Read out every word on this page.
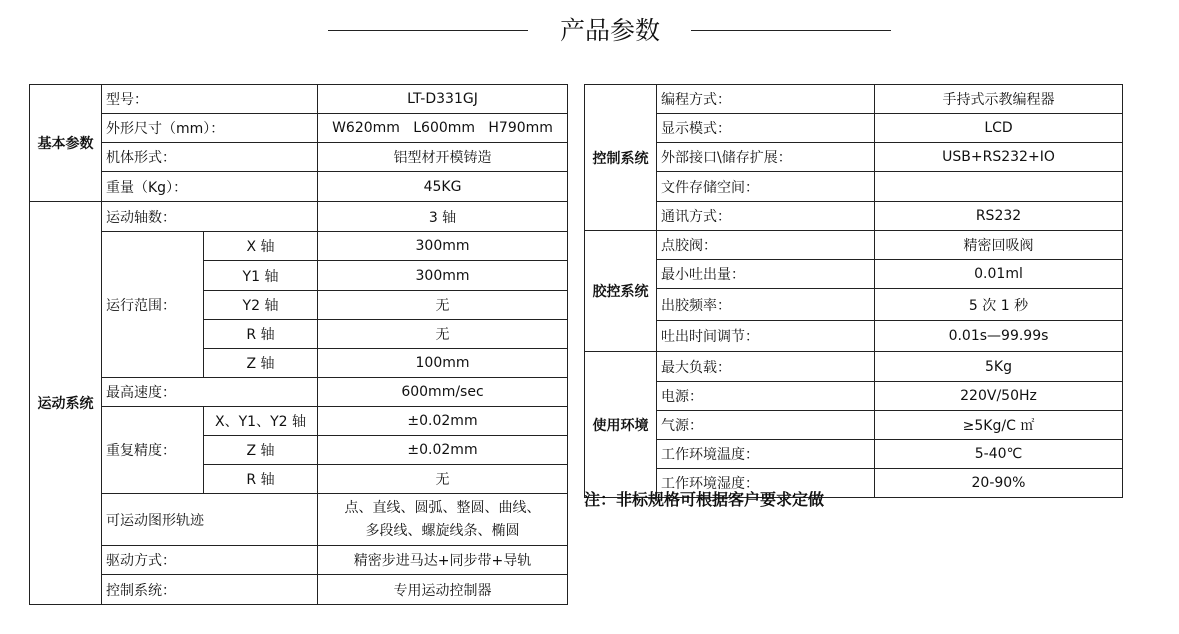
产品参数
基本参数	型号：		LT-D331GJ
	外形尺寸（mm）：		W620mm   L600mm   H790mm
	机体形式：		铝型材开模铸造
	重量（Kg）：		45KG
运动系统	运动轴数：		3 轴
	运行范围：	X 轴	300mm
		Y1 轴	300mm
		Y2 轴	无
		R 轴	无
		Z 轴	100mm
	最高速度：		600mm/sec
	重复精度：	X、Y1、Y2 轴	±0.02mm
		Z 轴	±0.02mm
		R 轴	无
	可运动图形轨迹		点、直线、圆弧、整圆、曲线、
多段线、螺旋线条、椭圆

	驱动方式：		精密步进马达+同步带+导轨
	控制系统：		专用运动控制器
控制系统	编程方式：	手持式示教编程器
	显示模式：	LCD
	外部接口\储存扩展：	USB+RS232+IO
	文件存储空间：	
	通讯方式：	RS232
胶控系统	点胶阀：	精密回吸阀
	最小吐出量：	0.01ml
	出胶频率：	5 次 1 秒
	吐出时间调节：	0.01s—99.99s
使用环境	最大负载：	5Kg
	电源：	220V/50Hz
	气源：	≥5Kg/C ㎡
	工作环境温度：	5-40℃
	工作环境湿度：	20-90%
注：非标规格可根据客户要求定做
